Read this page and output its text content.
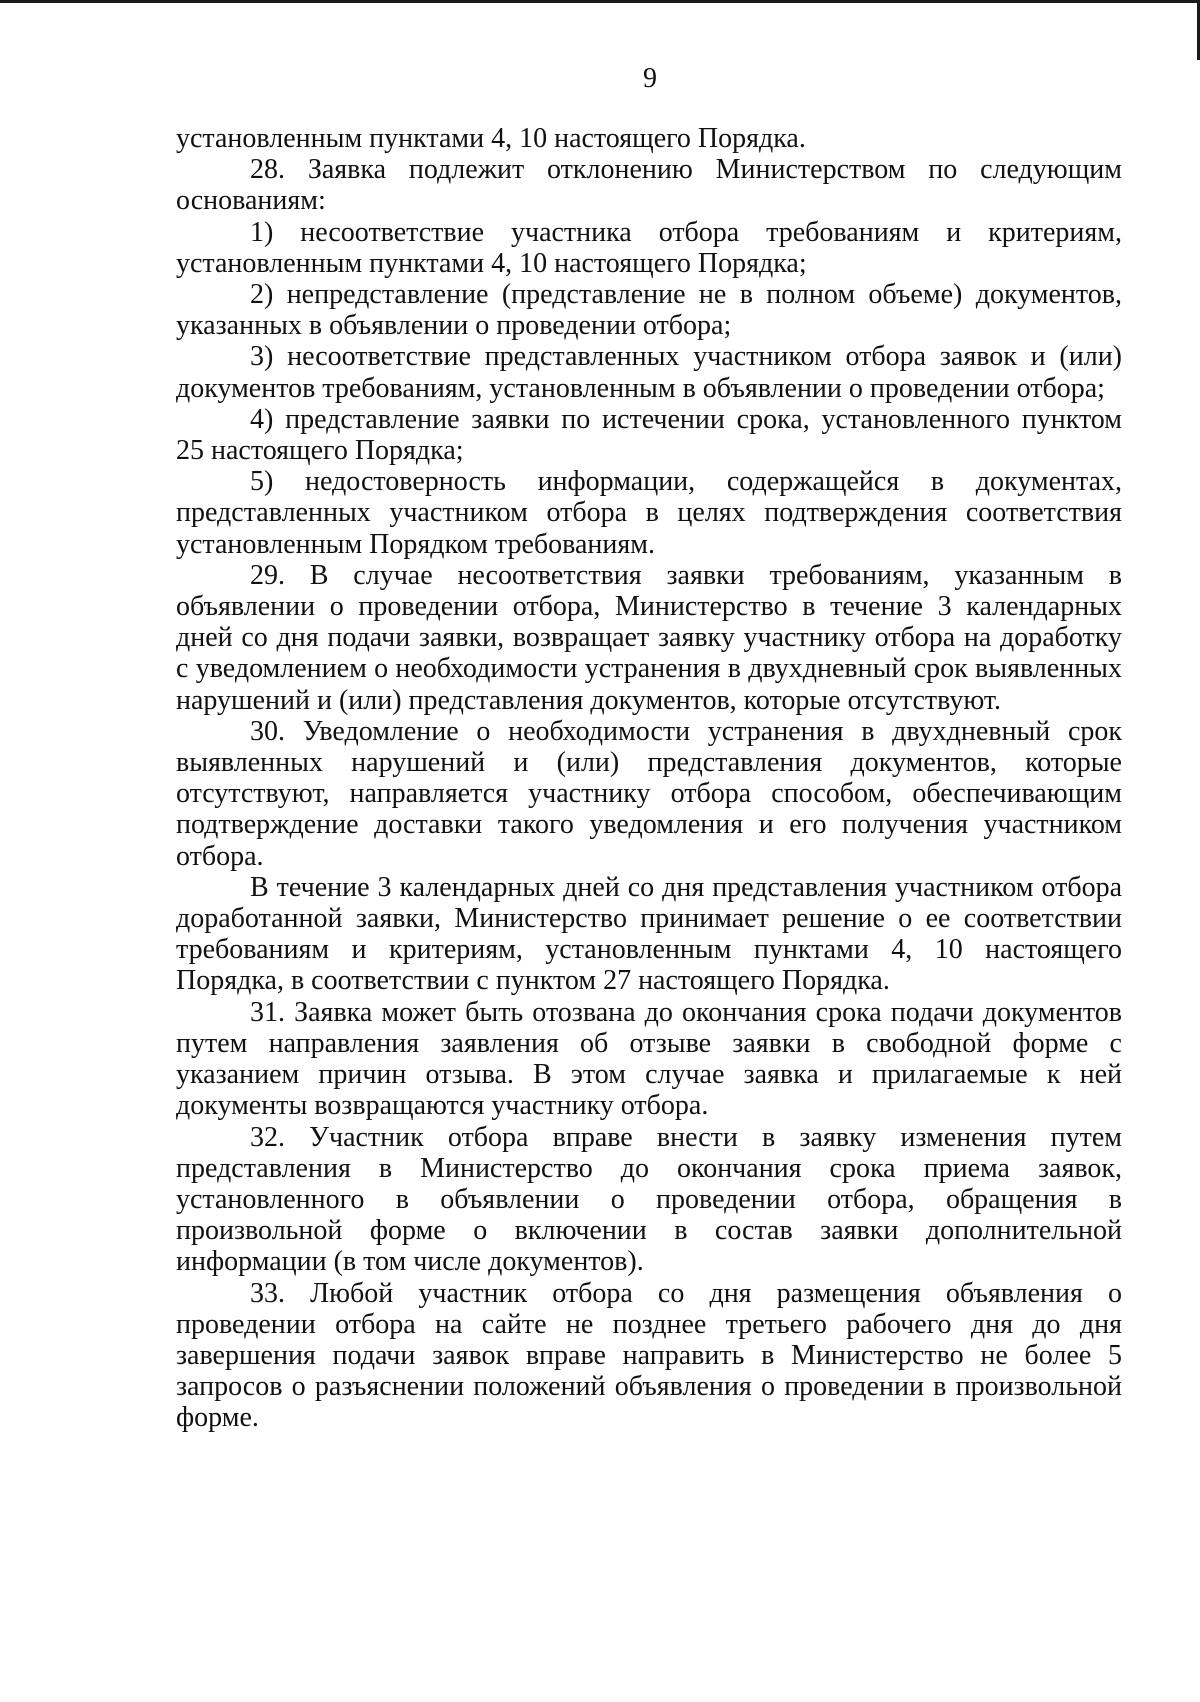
9

установленным пунктами 4, 10 настоящего Порядка.

28. Заявка подлежит отклонению Министерством по следующим основаниям:

1) несоответствие участника отбора требованиям и критериям, установленным пунктами 4, 10 настоящего Порядка;

2) непредставление (представление не в полном объеме) документов, указанных в объявлении о проведении отбора;

3) несоответствие представленных участником отбора заявок и (или) документов требованиям, установленным в объявлении о проведении отбора;

4) представление заявки по истечении срока, установленного пунктом 25 настоящего Порядка;

5) недостоверность информации, содержащейся в документах, представленных участником отбора в целях подтверждения соответствия установленным Порядком требованиям.

29. В случае несоответствия заявки требованиям, указанным в объявлении о проведении отбора, Министерство в течение 3 календарных дней со дня подачи заявки, возвращает заявку участнику отбора на доработку с уведомлением о необходимости устранения в двухдневный срок выявленных нарушений и (или) представления документов, которые отсутствуют.

30. Уведомление о необходимости устранения в двухдневный срок выявленных нарушений и (или) представления документов, которые отсутствуют, направляется участнику отбора способом, обеспечивающим подтверждение доставки такого уведомления и его получения участником отбора.

В течение 3 календарных дней со дня представления участником отбора доработанной заявки, Министерство принимает решение о ее соответствии требованиям и критериям, установленным пунктами 4, 10 настоящего Порядка, в соответствии с пунктом 27 настоящего Порядка.

31. Заявка может быть отозвана до окончания срока подачи документов путем направления заявления об отзыве заявки в свободной форме с указанием причин отзыва. В этом случае заявка и прилагаемые к ней документы возвращаются участнику отбора.

32. Участник отбора вправе внести в заявку изменения путем представления в Министерство до окончания срока приема заявок, установленного в объявлении о проведении отбора, обращения в произвольной форме о включении в состав заявки дополнительной информации (в том числе документов).

33. Любой участник отбора со дня размещения объявления о проведении отбора на сайте не позднее третьего рабочего дня до дня завершения подачи заявок вправе направить в Министерство не более 5 запросов о разъяснении положений объявления о проведении в произвольной форме.
